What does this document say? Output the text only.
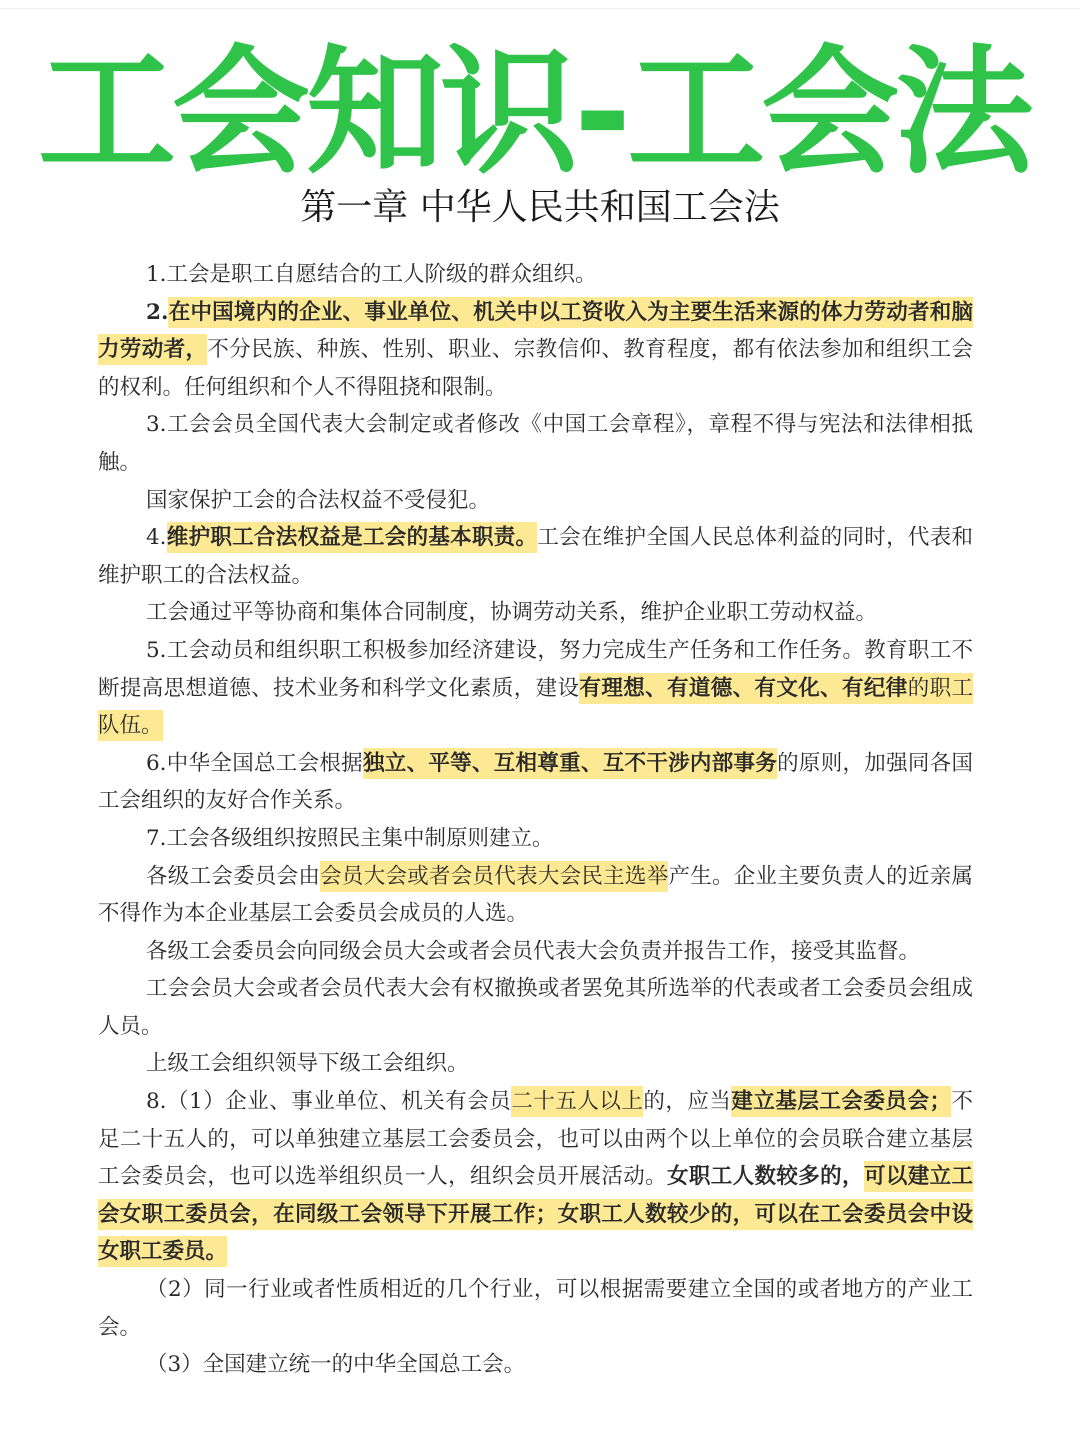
工会知识-工会法
第一章 中华人民共和国工会法

1.工会是职工自愿结合的工人阶级的群众组织。

2.在中国境内的企业、事业单位、机关中以工资收入为主要生活来源的体力劳动者和脑力劳动者，不分民族、种族、性别、职业、宗教信仰、教育程度，都有依法参加和组织工会的权利。任何组织和个人不得阻挠和限制。

3.工会会员全国代表大会制定或者修改《中国工会章程》，章程不得与宪法和法律相抵触。

国家保护工会的合法权益不受侵犯。

4.维护职工合法权益是工会的基本职责。工会在维护全国人民总体利益的同时，代表和维护职工的合法权益。

工会通过平等协商和集体合同制度，协调劳动关系，维护企业职工劳动权益。

5.工会动员和组织职工积极参加经济建设，努力完成生产任务和工作任务。教育职工不断提高思想道德、技术业务和科学文化素质，建设有理想、有道德、有文化、有纪律的职工队伍。

6.中华全国总工会根据独立、平等、互相尊重、互不干涉内部事务的原则，加强同各国工会组织的友好合作关系。

7.工会各级组织按照民主集中制原则建立。

各级工会委员会由会员大会或者会员代表大会民主选举产生。企业主要负责人的近亲属不得作为本企业基层工会委员会成员的人选。

各级工会委员会向同级会员大会或者会员代表大会负责并报告工作，接受其监督。

工会会员大会或者会员代表大会有权撤换或者罢免其所选举的代表或者工会委员会组成人员。

上级工会组织领导下级工会组织。

8.（1）企业、事业单位、机关有会员二十五人以上的，应当建立基层工会委员会；不足二十五人的，可以单独建立基层工会委员会，也可以由两个以上单位的会员联合建立基层工会委员会，也可以选举组织员一人，组织会员开展活动。女职工人数较多的，可以建立工会女职工委员会，在同级工会领导下开展工作；女职工人数较少的，可以在工会委员会中设女职工委员。

（2）同一行业或者性质相近的几个行业，可以根据需要建立全国的或者地方的产业工会。

（3）全国建立统一的中华全国总工会。
